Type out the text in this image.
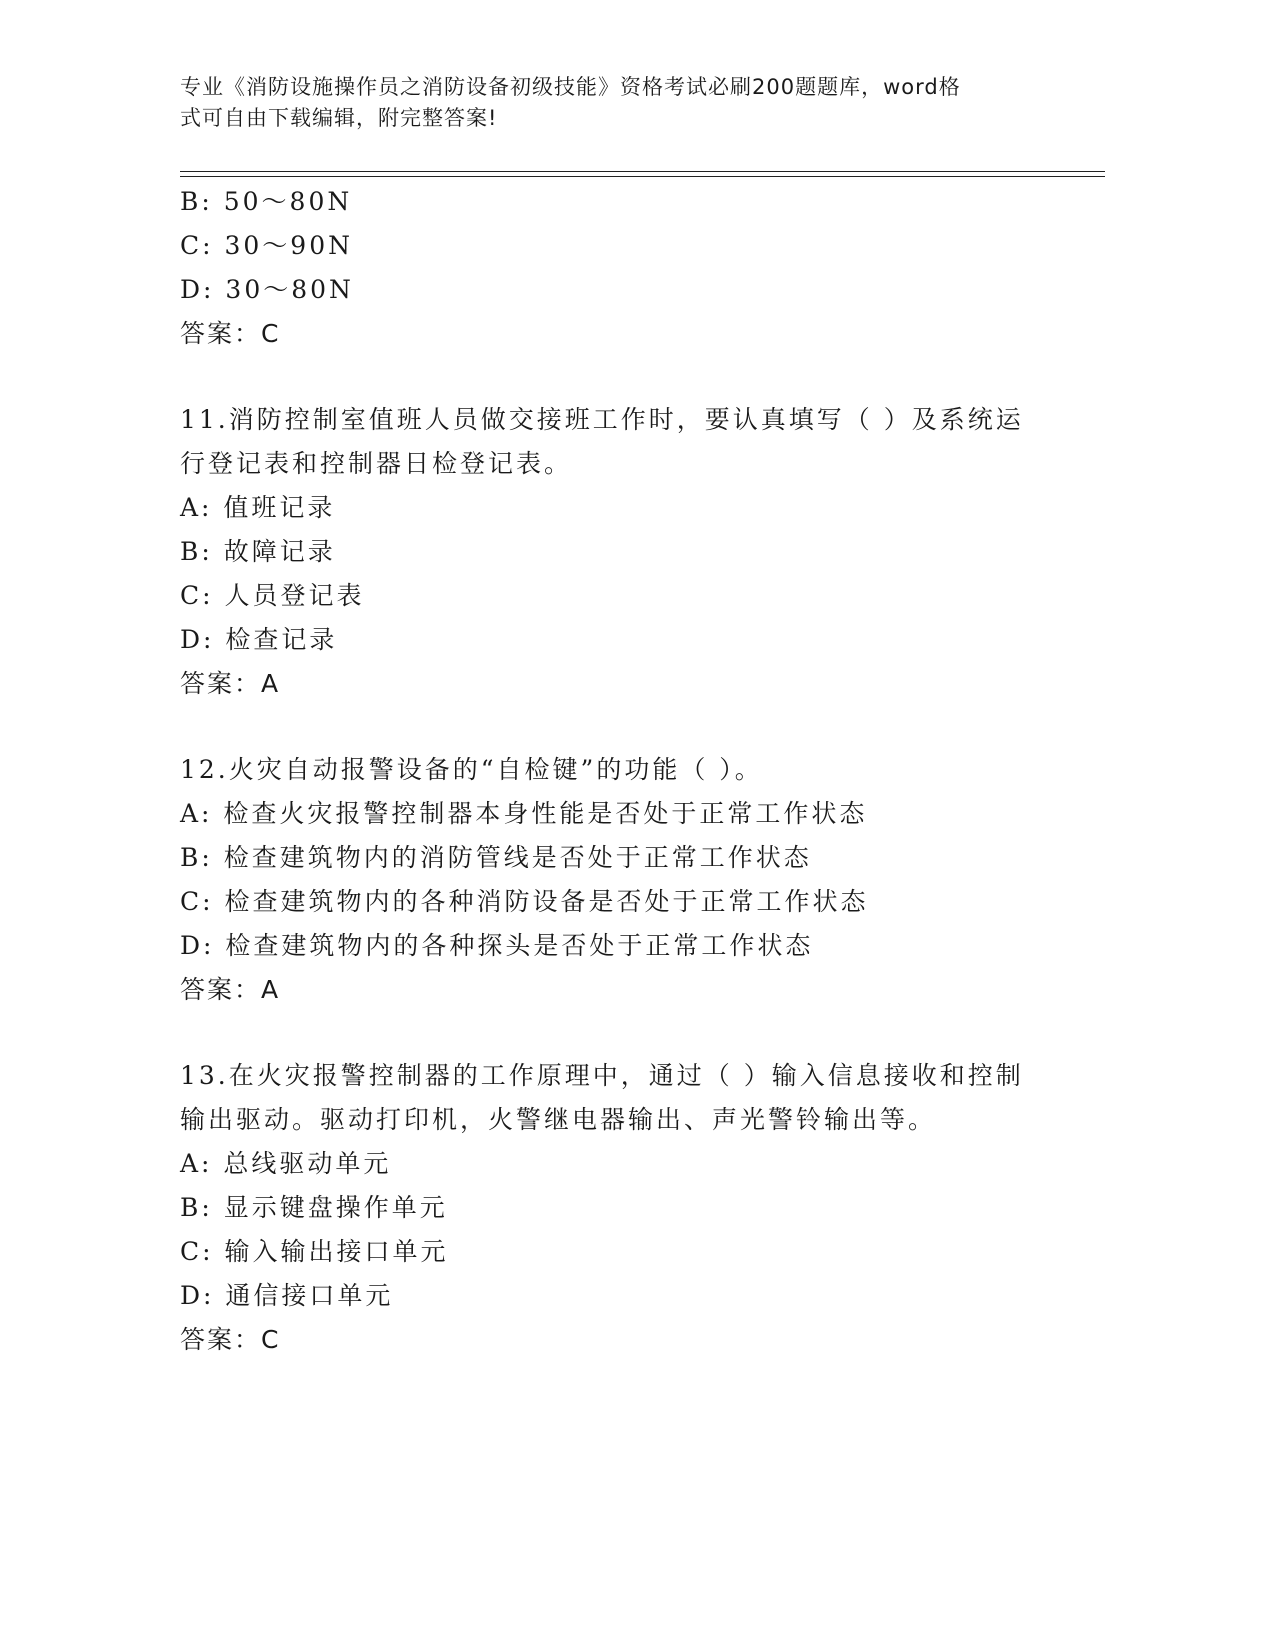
专业《消防设施操作员之消防设备初级技能》资格考试必刷200题题库，word格
式可自由下载编辑，附完整答案!
B: 50～80N
C: 30～90N
D: 30～80N
答案：C
11.消防控制室值班人员做交接班工作时，要认真填写（ ）及系统运
行登记表和控制器日检登记表。
A: 值班记录
B: 故障记录
C: 人员登记表
D: 检查记录
答案：A
12.火灾自动报警设备的“自检键”的功能（ ）。
A: 检查火灾报警控制器本身性能是否处于正常工作状态
B: 检查建筑物内的消防管线是否处于正常工作状态
C: 检查建筑物内的各种消防设备是否处于正常工作状态
D: 检查建筑物内的各种探头是否处于正常工作状态
答案：A
13.在火灾报警控制器的工作原理中，通过（ ）输入信息接收和控制
输出驱动。驱动打印机，火警继电器输出、声光警铃输出等。
A: 总线驱动单元
B: 显示键盘操作单元
C: 输入输出接口单元
D: 通信接口单元
答案：C
